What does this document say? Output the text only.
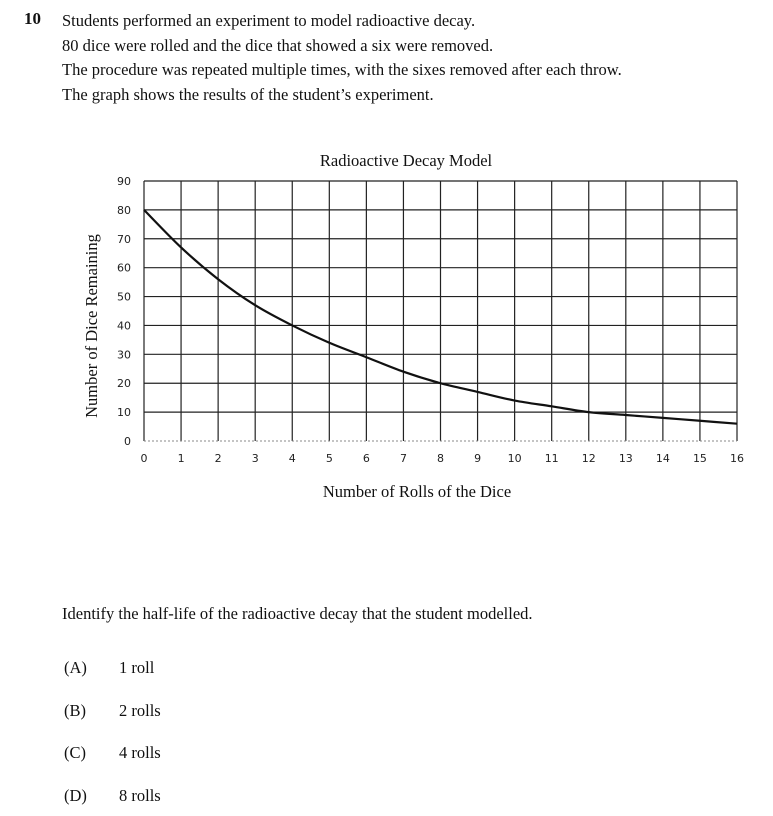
10 Students performed an experiment to model radioactive decay.
80 dice were rolled and the dice that showed a six were removed.
The procedure was repeated multiple times, with the sixes removed after each throw.
The graph shows the results of the student’s experiment.
0
10
20
30
40
50
60
70
80
90
0	1	2	3	4	5	6	7	8	9 10 11 12 13 14 15 16
Radioactive Decay Model
Number of Rolls of the Dice
Number of Dice Remaining
Identify the half-life of the radioactive decay that the student modelled.
(A) 1 roll
(B) 2 rolls
(C) 4 rolls
(D) 8 rolls
